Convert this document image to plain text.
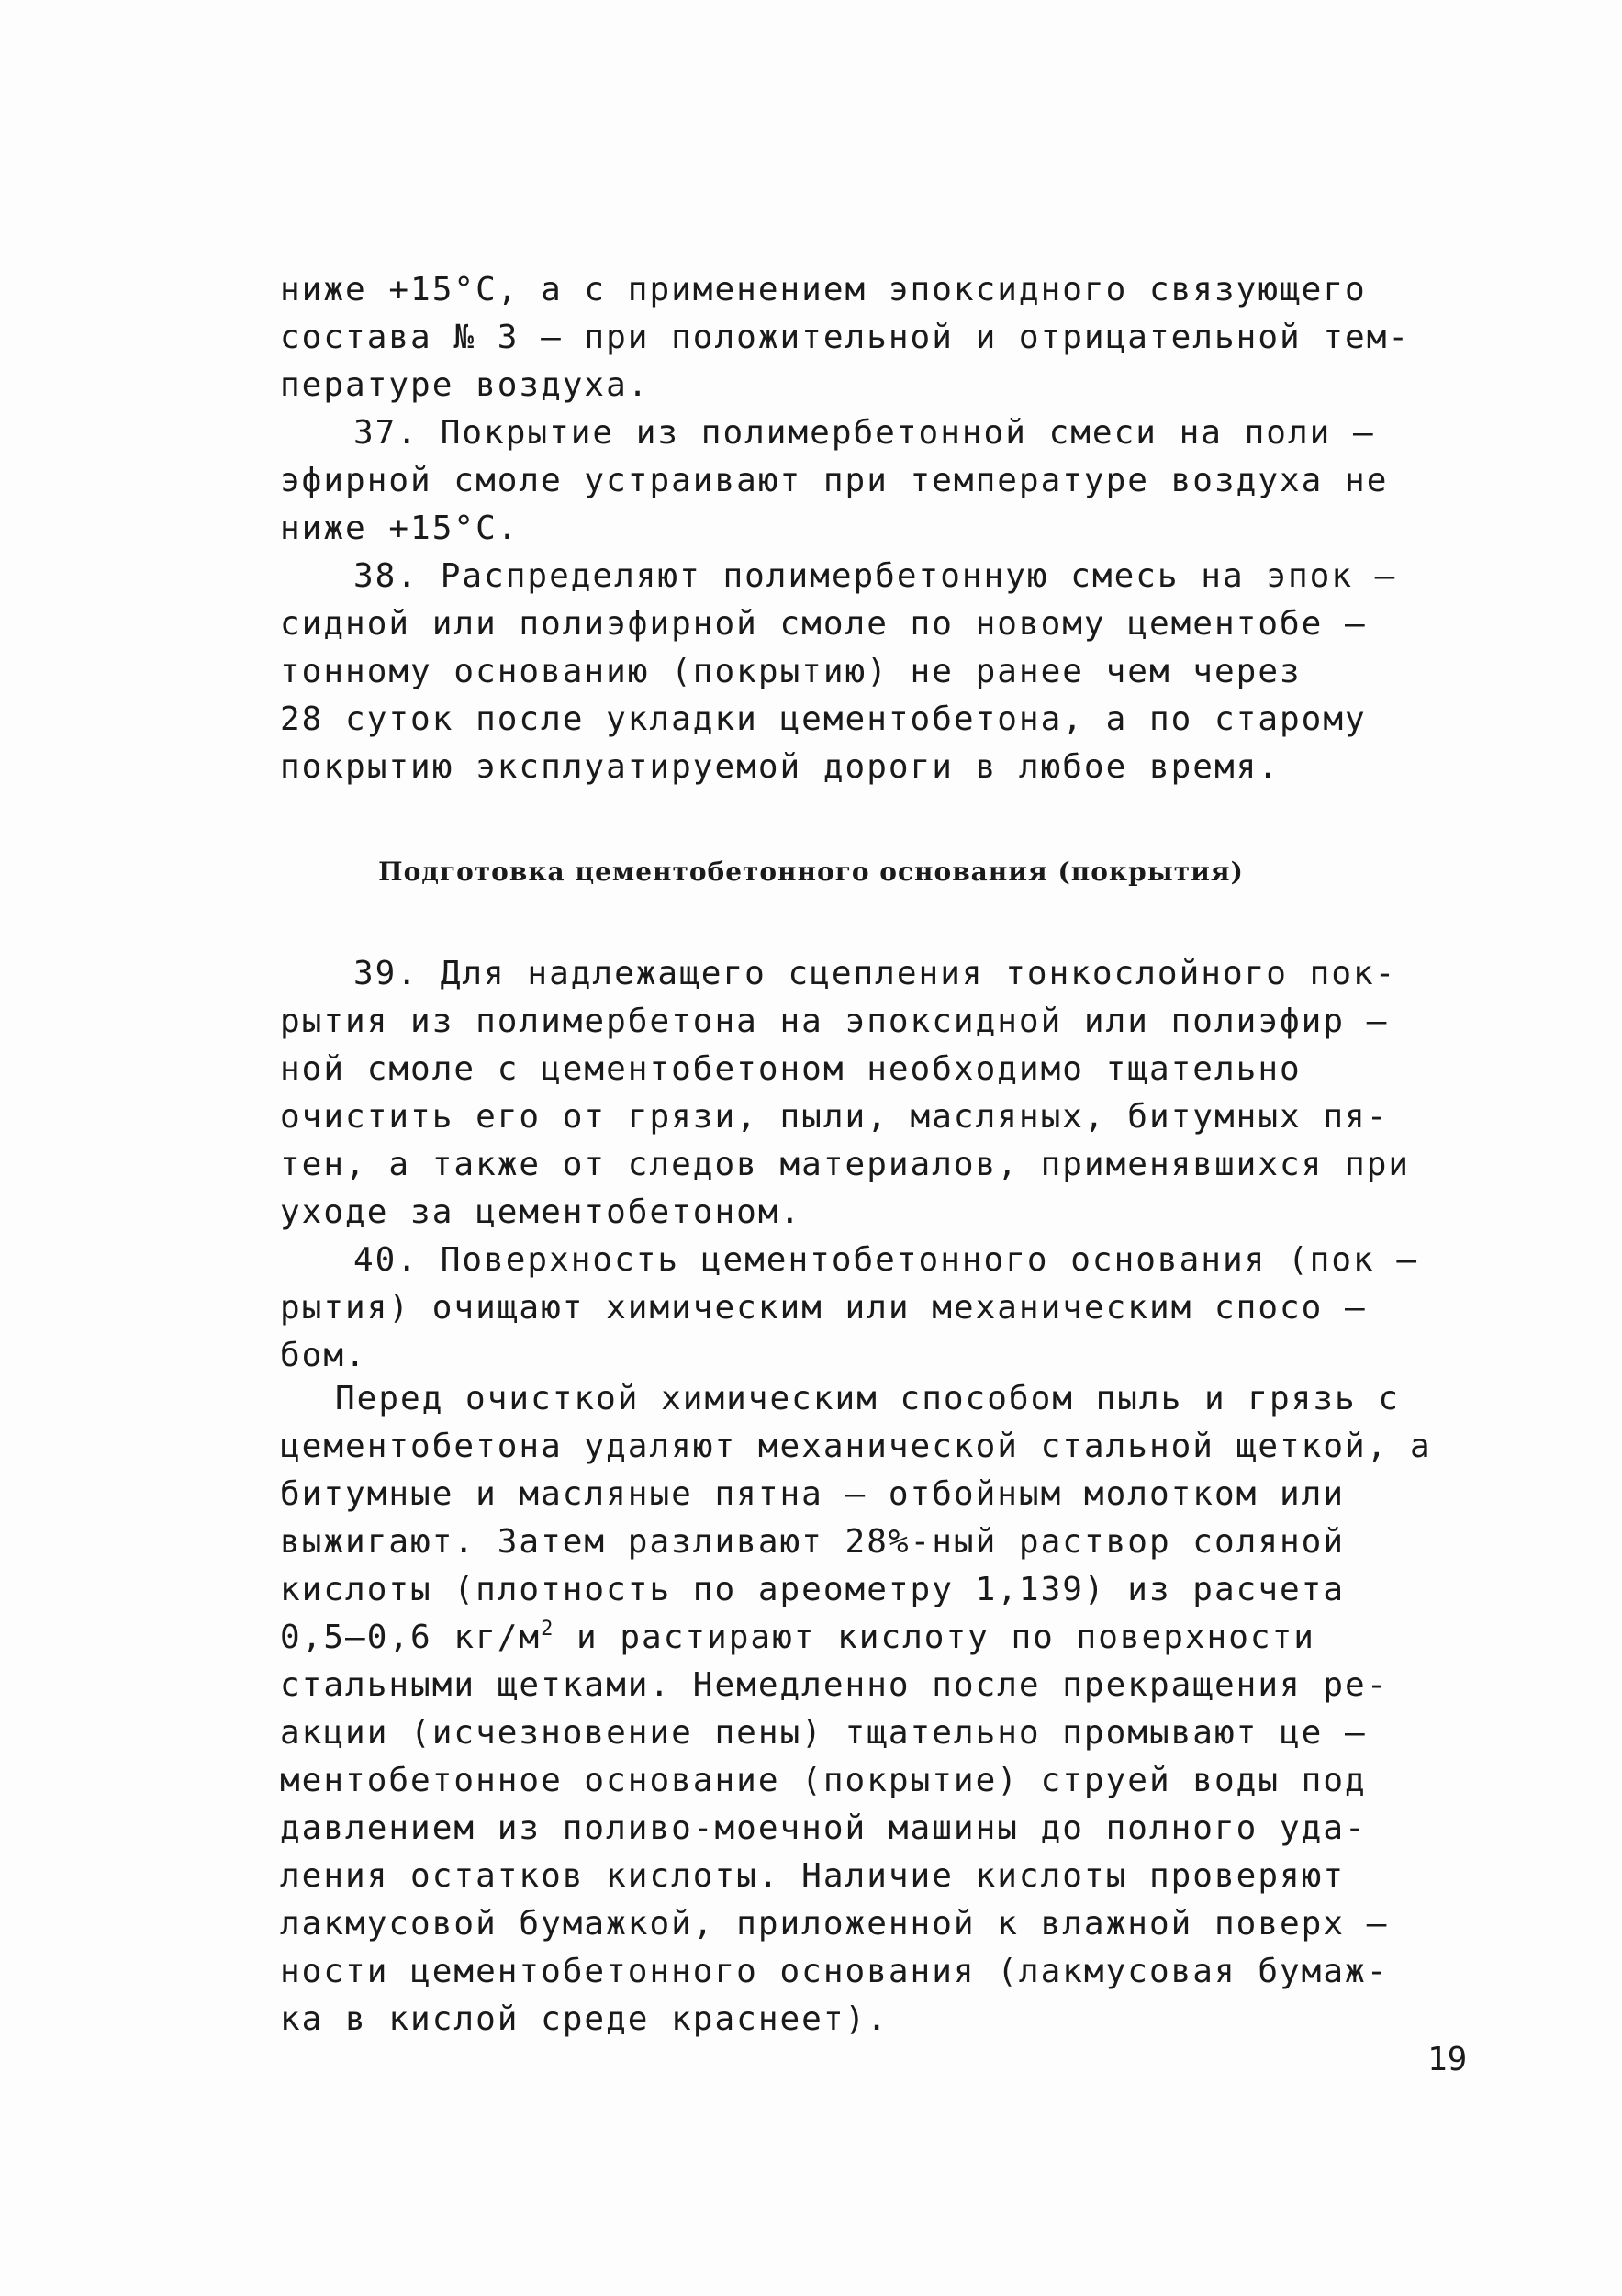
ниже +15°С, а с применением эпоксидного связующего
состава № 3 – при положительной и отрицательной тем-
пературе воздуха.
37. Покрытие из полимербетонной смеси на поли –
эфирной смоле устраивают при температуре воздуха не
ниже +15°С.
38. Распределяют полимербетонную смесь на эпок –
сидной или полиэфирной смоле по новому цементобе –
тонному основанию (покрытию) не ранее чем через
28 суток после укладки цементобетона, а по старому
покрытию эксплуатируемой дороги в любое время.
Подготовка цементобетонного основания (покрытия)
39. Для надлежащего сцепления тонкослойного пок-
рытия из полимербетона на эпоксидной или полиэфир –
ной смоле с цементобетоном необходимо тщательно
очистить его от грязи, пыли, масляных, битумных пя-
тен, а также от следов материалов, применявшихся при
уходе за цементобетоном.
40. Поверхность цементобетонного основания (пок –
рытия) очищают химическим или механическим спосо –
бом.
Перед очисткой химическим способом пыль и грязь с
цементобетона удаляют механической стальной щеткой, а
битумные и масляные пятна – отбойным молотком или
выжигают. Затем разливают 28%-ный раствор соляной
кислоты (плотность по ареометру 1,139) из расчета
0,5–0,6 $кг/м^2$ и растирают кислоту по поверхности
стальными щетками. Немедленно после прекращения ре-
акции (исчезновение пены) тщательно промывают це –
ментобетонное основание (покрытие) струей воды под
давлением из поливо-моечной машины до полного уда-
ления остатков кислоты. Наличие кислоты проверяют
лакмусовой бумажкой, приложенной к влажной поверх –
ности цементобетонного основания (лакмусовая бумаж-
ка в кислой среде краснеет).
19
